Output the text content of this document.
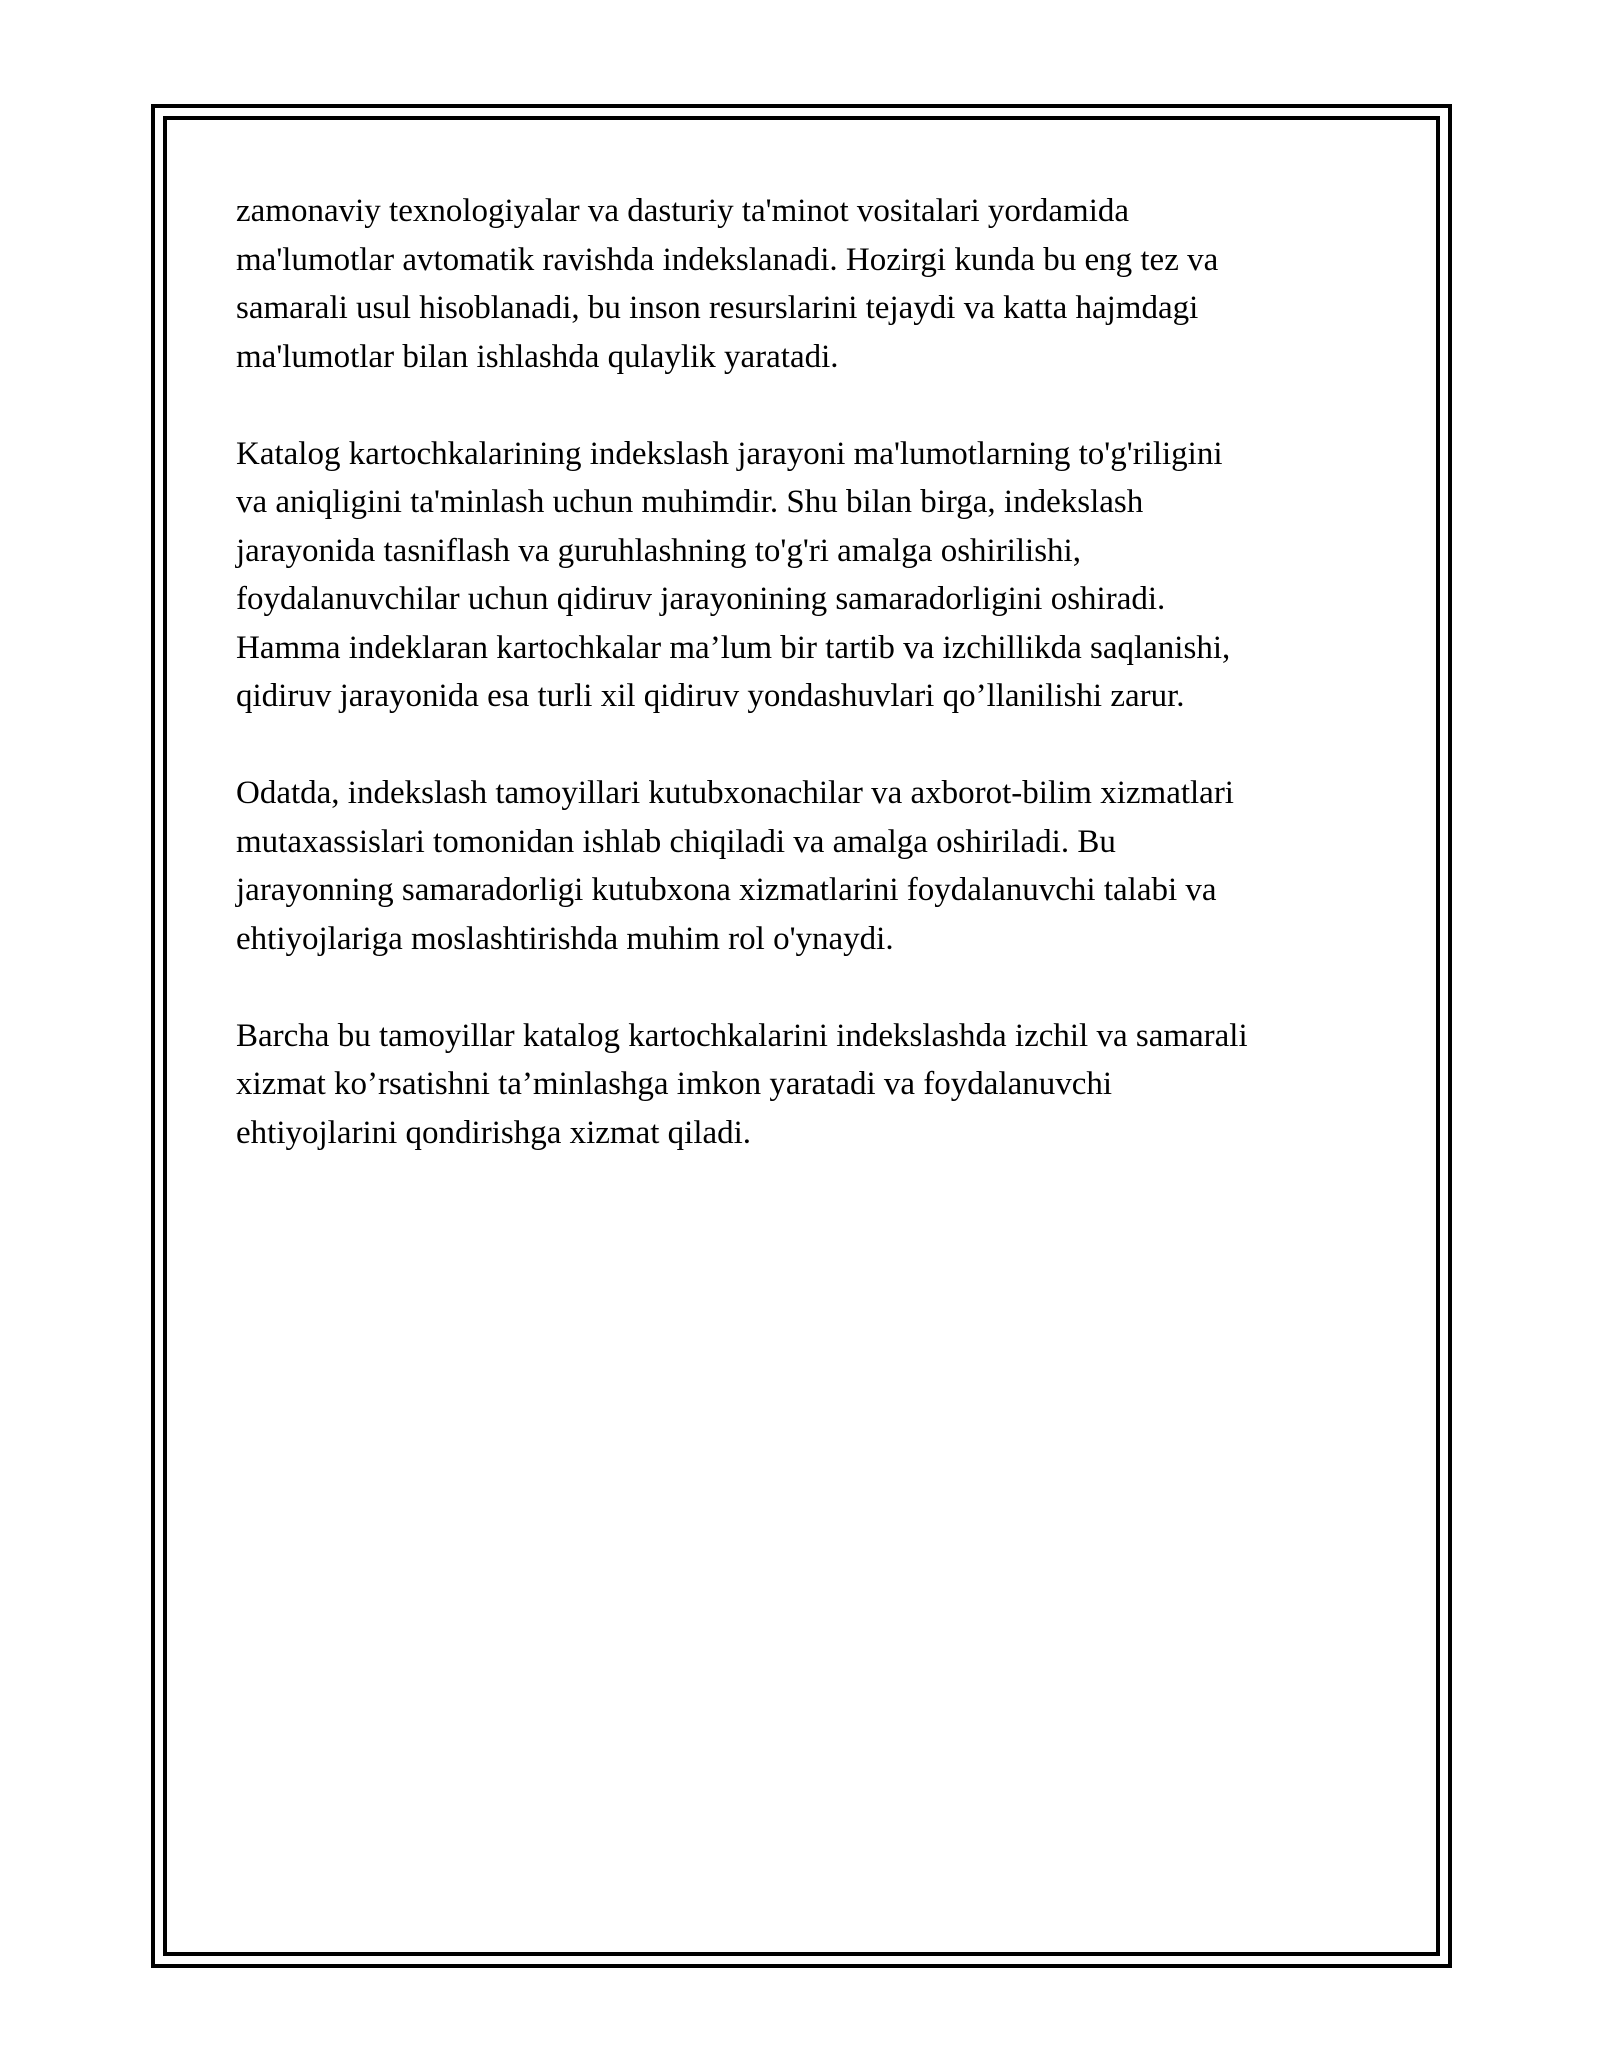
zamonaviy texnologiyalar va dasturiy ta'minot vositalari yordamida
ma'lumotlar avtomatik ravishda indekslanadi. Hozirgi kunda bu eng tez va
samarali usul hisoblanadi, bu inson resurslarini tejaydi va katta hajmdagi
ma'lumotlar bilan ishlashda qulaylik yaratadi.

Katalog kartochkalarining indekslash jarayoni ma'lumotlarning to'g'riligini
va aniqligini ta'minlash uchun muhimdir. Shu bilan birga, indekslash
jarayonida tasniflash va guruhlashning to'g'ri amalga oshirilishi,
foydalanuvchilar uchun qidiruv jarayonining samaradorligini oshiradi.
Hamma indeklaran kartochkalar ma’lum bir tartib va izchillikda saqlanishi,
qidiruv jarayonida esa turli xil qidiruv yondashuvlari qo’llanilishi zarur.

Odatda, indekslash tamoyillari kutubxonachilar va axborot-bilim xizmatlari
mutaxassislari tomonidan ishlab chiqiladi va amalga oshiriladi. Bu
jarayonning samaradorligi kutubxona xizmatlarini foydalanuvchi talabi va
ehtiyojlariga moslashtirishda muhim rol o'ynaydi.

Barcha bu tamoyillar katalog kartochkalarini indekslashda izchil va samarali
xizmat ko’rsatishni ta’minlashga imkon yaratadi va foydalanuvchi
ehtiyojlarini qondirishga xizmat qiladi.
